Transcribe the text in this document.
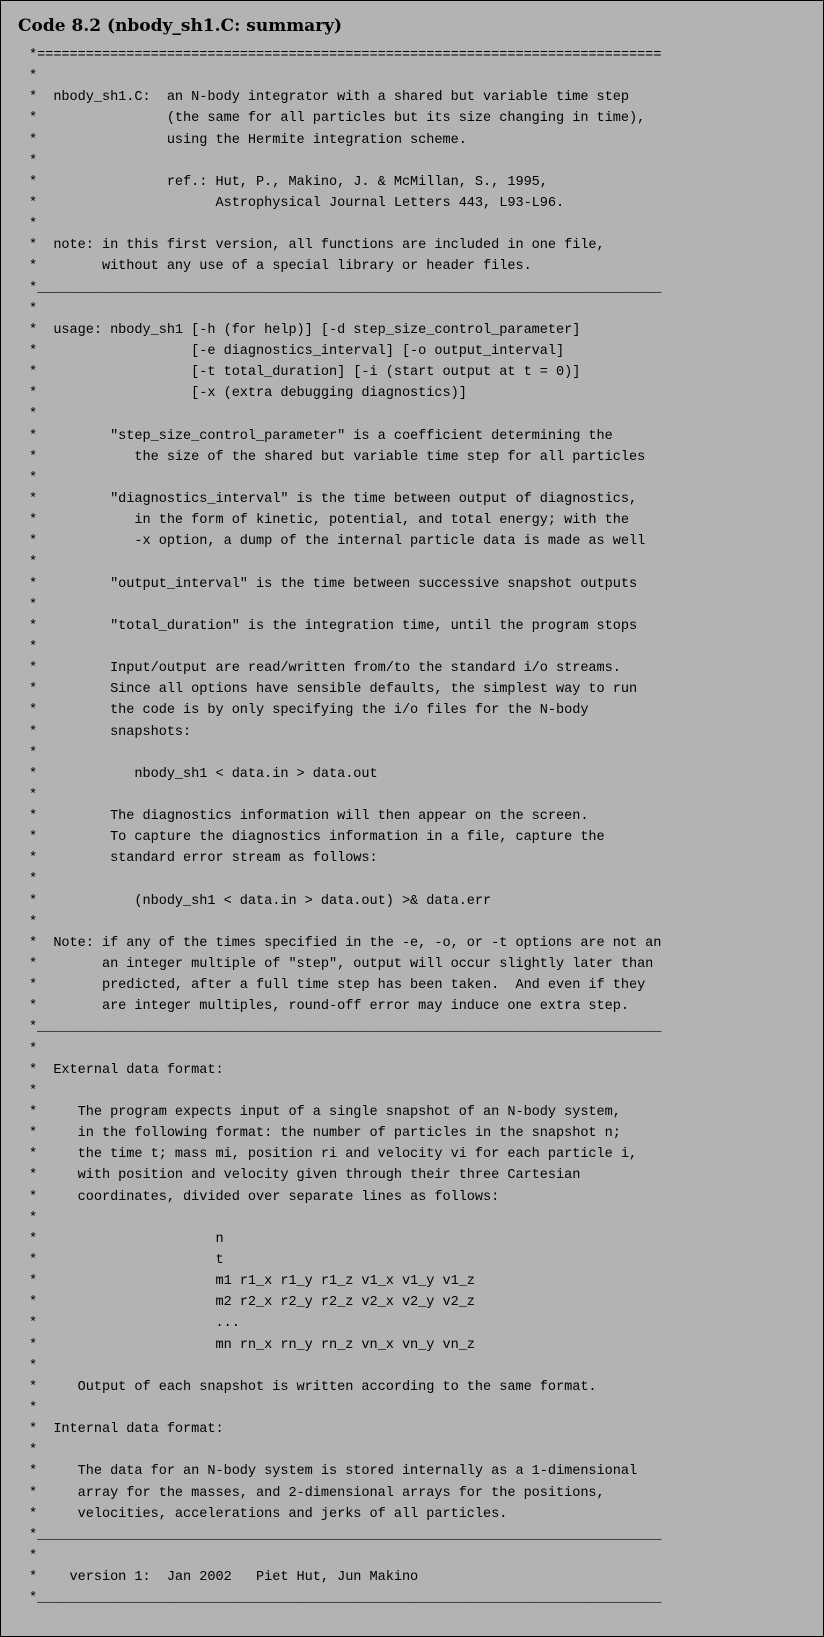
Code 8.2 (nbody_sh1.C: summary)
*=============================================================================
*
*  nbody_sh1.C:  an N-body integrator with a shared but variable time step
*                (the same for all particles but its size changing in time),
*                using the Hermite integration scheme.
*
*                ref.: Hut, P., Makino, J. & McMillan, S., 1995,
*                      Astrophysical Journal Letters 443, L93-L96.
*
*  note: in this first version, all functions are included in one file,
*        without any use of a special library or header files.
*_____________________________________________________________________________
*
*  usage: nbody_sh1 [-h (for help)] [-d step_size_control_parameter]
*                   [-e diagnostics_interval] [-o output_interval]
*                   [-t total_duration] [-i (start output at t = 0)]
*                   [-x (extra debugging diagnostics)]
*
*         "step_size_control_parameter" is a coefficient determining the
*            the size of the shared but variable time step for all particles
*
*         "diagnostics_interval" is the time between output of diagnostics,
*            in the form of kinetic, potential, and total energy; with the
*            -x option, a dump of the internal particle data is made as well
*
*         "output_interval" is the time between successive snapshot outputs
*
*         "total_duration" is the integration time, until the program stops
*
*         Input/output are read/written from/to the standard i/o streams.
*         Since all options have sensible defaults, the simplest way to run
*         the code is by only specifying the i/o files for the N-body
*         snapshots:
*
*            nbody_sh1 < data.in > data.out
*
*         The diagnostics information will then appear on the screen.
*         To capture the diagnostics information in a file, capture the
*         standard error stream as follows:
*
*            (nbody_sh1 < data.in > data.out) >& data.err
*
*  Note: if any of the times specified in the -e, -o, or -t options are not an
*        an integer multiple of "step", output will occur slightly later than
*        predicted, after a full time step has been taken.  And even if they
*        are integer multiples, round-off error may induce one extra step.
*_____________________________________________________________________________
*
*  External data format:
*
*     The program expects input of a single snapshot of an N-body system,
*     in the following format: the number of particles in the snapshot n;
*     the time t; mass mi, position ri and velocity vi for each particle i,
*     with position and velocity given through their three Cartesian
*     coordinates, divided over separate lines as follows:
*
*                      n
*                      t
*                      m1 r1_x r1_y r1_z v1_x v1_y v1_z
*                      m2 r2_x r2_y r2_z v2_x v2_y v2_z
*                      ...
*                      mn rn_x rn_y rn_z vn_x vn_y vn_z
*
*     Output of each snapshot is written according to the same format.
*
*  Internal data format:
*
*     The data for an N-body system is stored internally as a 1-dimensional
*     array for the masses, and 2-dimensional arrays for the positions,
*     velocities, accelerations and jerks of all particles.
*_____________________________________________________________________________
*
*    version 1:  Jan 2002   Piet Hut, Jun Makino
*_____________________________________________________________________________
